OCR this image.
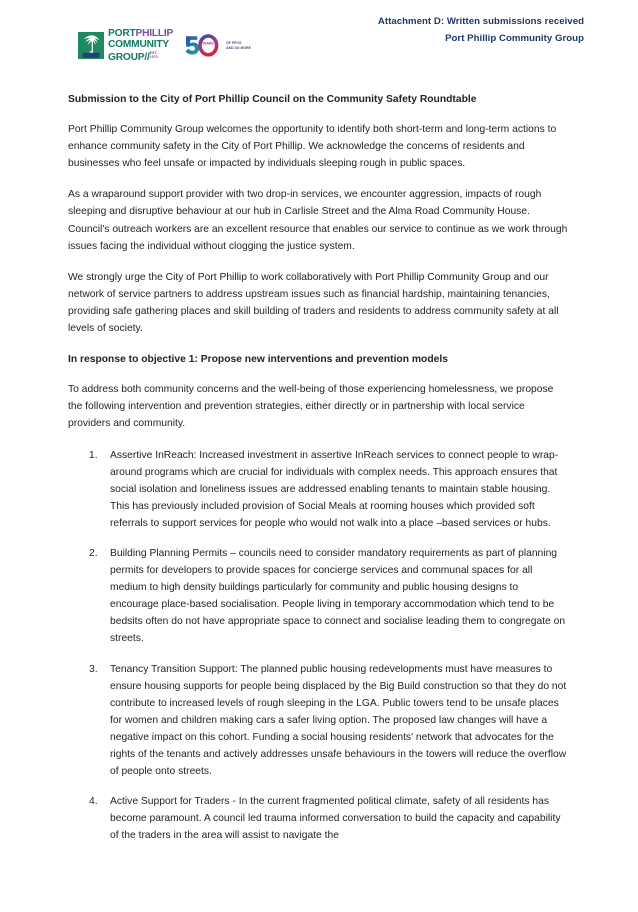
Attachment D: Written submissions received
Port Phillip Community Group
PORTPHILLIP
COMMUNITY
GROUP//EST.
1973
YEARS	OF PPCG
AND SO MORE

Submission to the City of Port Phillip Council on the Community Safety Roundtable

Port Phillip Community Group welcomes the opportunity to identify both short-term and long-term actions to enhance community safety in the City of Port Phillip. We acknowledge the concerns of residents and businesses who feel unsafe or impacted by individuals sleeping rough in public spaces.

As a wraparound support provider with two drop-in services, we encounter aggression, impacts of rough sleeping and disruptive behaviour at our hub in Carlisle Street and the Alma Road Community House. Council's outreach workers are an excellent resource that enables our service to continue as we work through issues facing the individual without clogging the justice system.

We strongly urge the City of Port Phillip to work collaboratively with Port Phillip Community Group and our network of service partners to address upstream issues such as financial hardship, maintaining tenancies, providing safe gathering places and skill building of traders and residents to address community safety at all levels of society.

In response to objective 1: Propose new interventions and prevention models

To address both community concerns and the well-being of those experiencing homelessness, we propose the following intervention and prevention strategies, either directly or in partnership with local service providers and community.

Assertive InReach: Increased investment in assertive InReach services to connect people to wrap-around programs which are crucial for individuals with complex needs. This approach ensures that social isolation and loneliness issues are addressed enabling tenants to maintain stable housing. This has previously included provision of Social Meals at rooming houses which provided soft referrals to support services for people who would not walk into a place –based services or hubs.
Building Planning Permits – councils need to consider mandatory requirements as part of planning permits for developers to provide spaces for concierge services and communal spaces for all medium to high density buildings particularly for community and public housing designs to encourage place-based socialisation. People living in temporary accommodation which tend to be bedsits often do not have appropriate space to connect and socialise leading them to congregate on streets.
Tenancy Transition Support: The planned public housing redevelopments must have measures to ensure housing supports for people being displaced by the Big Build construction so that they do not contribute to increased levels of rough sleeping in the LGA. Public towers tend to be unsafe places for women and children making cars a safer living option. The proposed law changes will have a negative impact on this cohort. Funding a social housing residents' network that advocates for the rights of the tenants and actively addresses unsafe behaviours in the towers will reduce the overflow of people onto streets.
Active Support for Traders - In the current fragmented political climate, safety of all residents has become paramount. A council led trauma informed conversation to build the capacity and capability of the traders in the area will assist to navigate the
